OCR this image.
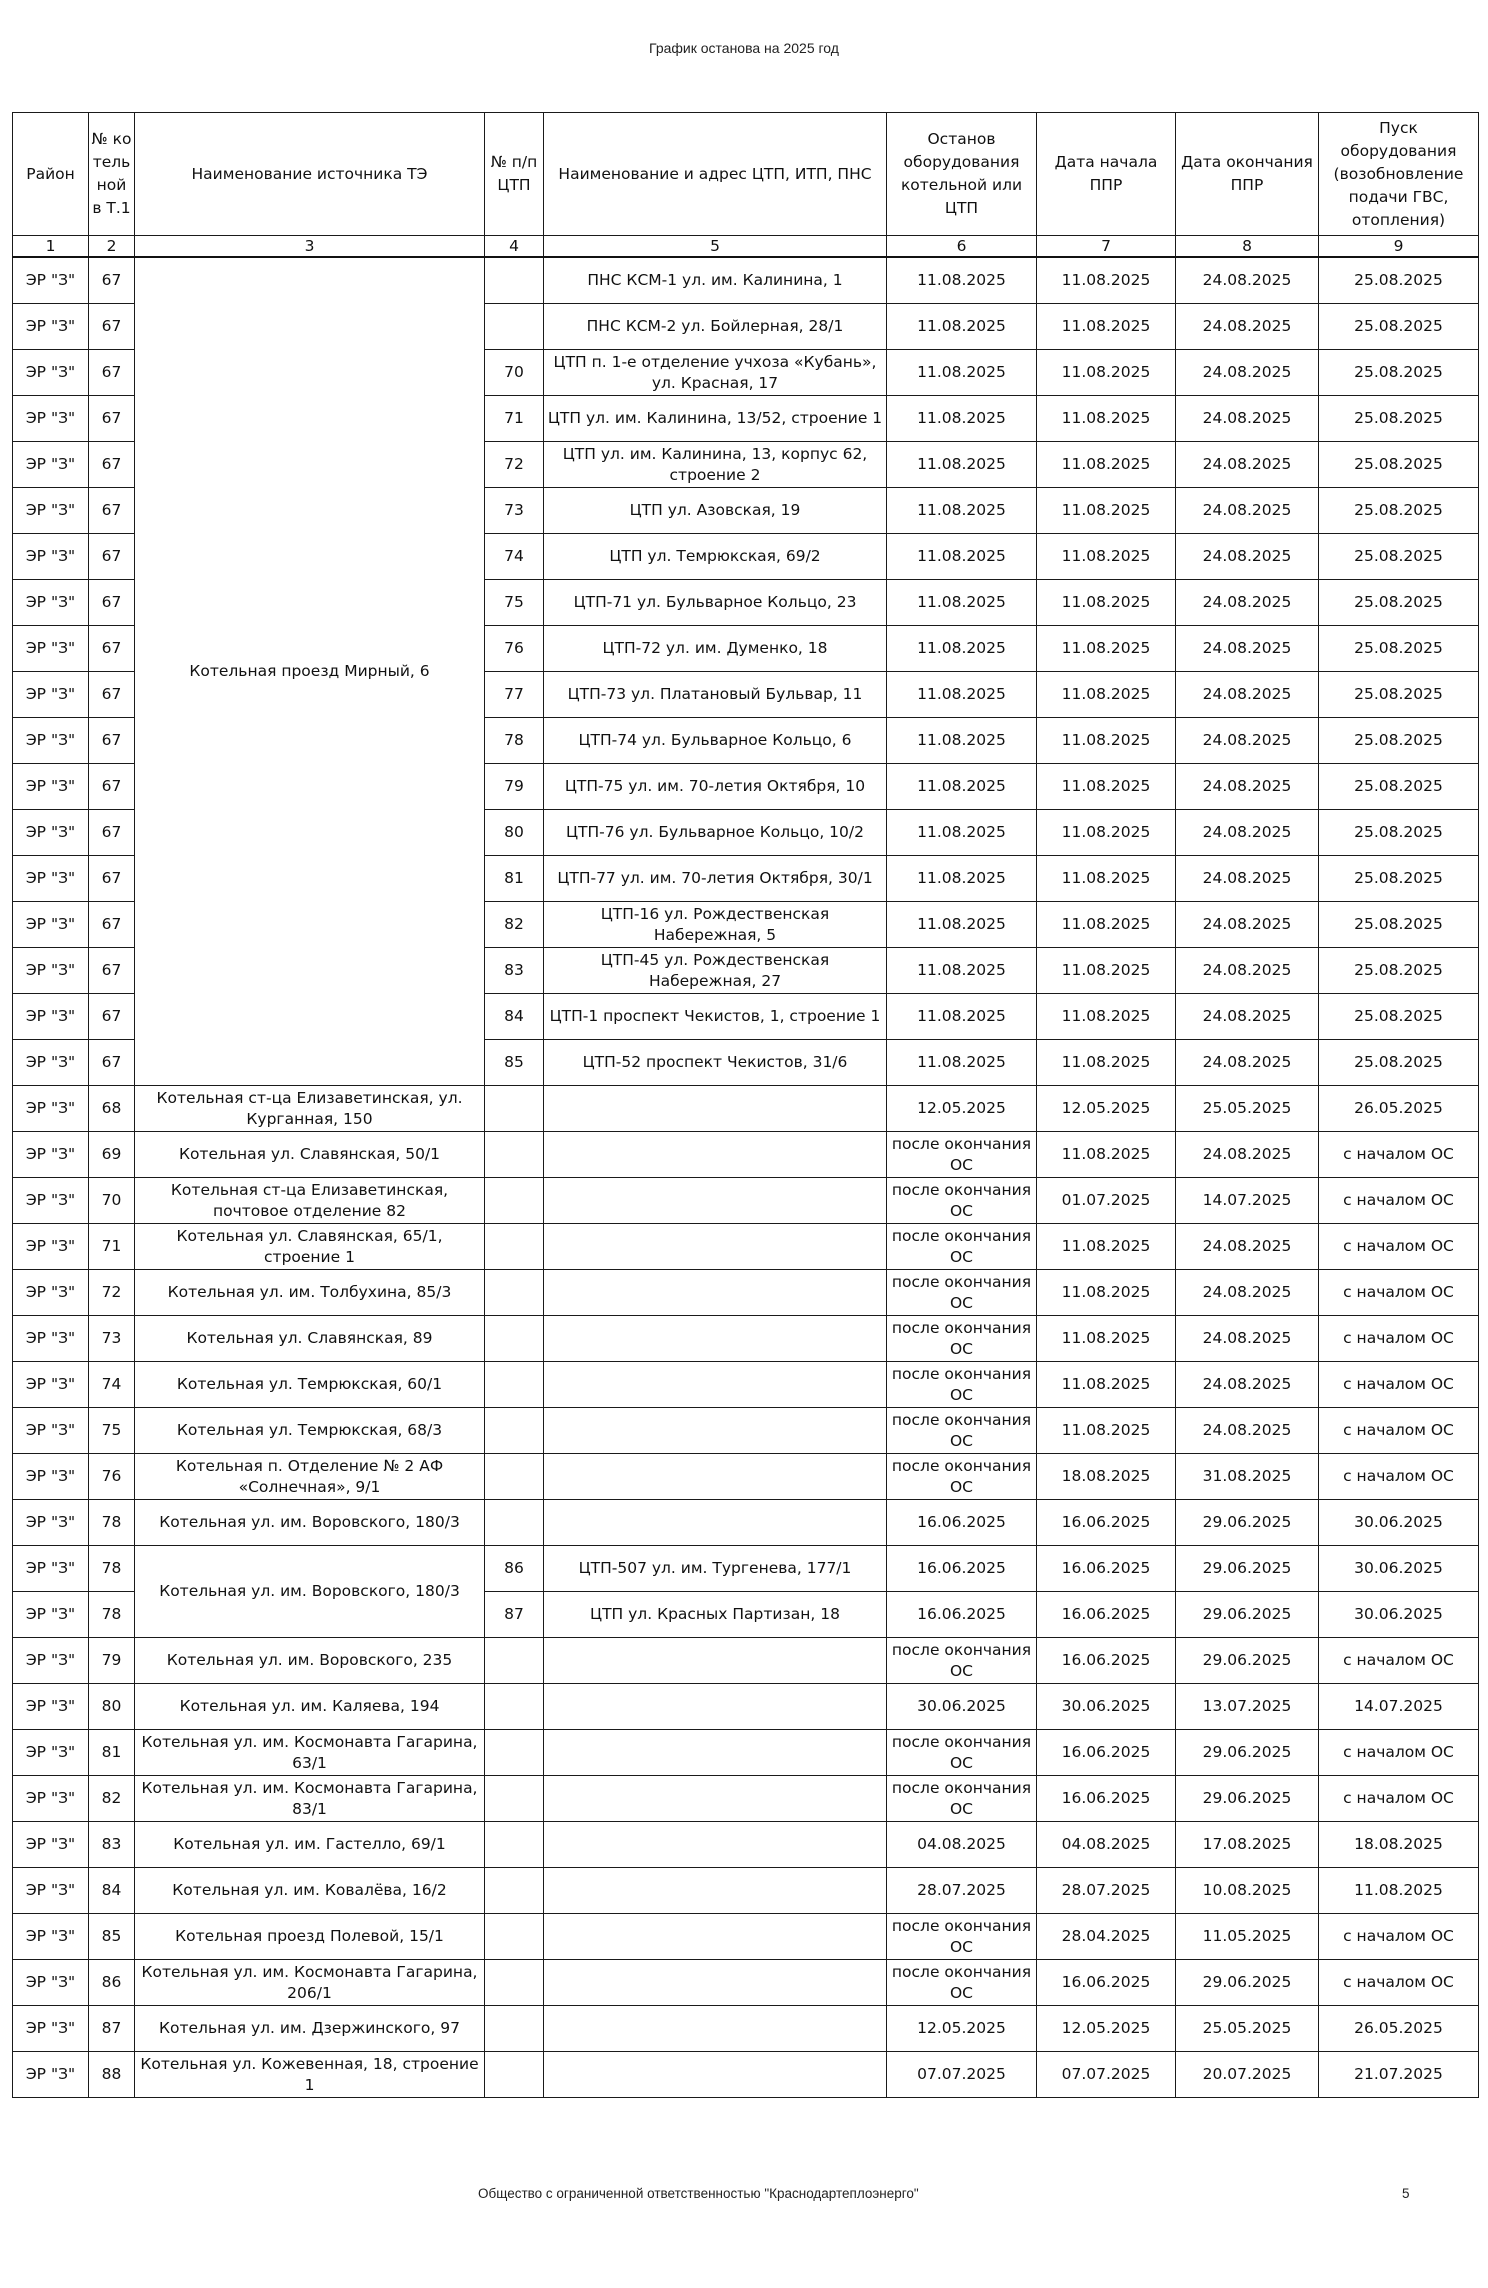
График останова на 2025 год
Район	№ котельной в Т.1	Наименование источника ТЭ	№ п/п ЦТП	Наименование и адрес ЦТП, ИТП, ПНС	Останов оборудования котельной или ЦТП	Дата начала ППР	Дата окончания ППР	Пуск оборудования (возобновление подачи ГВС, отопления)
1	2	3	4	5	6	7	8	9
ЭР "З"	67	Котельная проезд Мирный, 6		ПНС КСМ-1 ул. им. Калинина, 1	11.08.2025	11.08.2025	24.08.2025	25.08.2025
ЭР "З"	67			ПНС КСМ-2 ул. Бойлерная, 28/1	11.08.2025	11.08.2025	24.08.2025	25.08.2025
ЭР "З"	67		70	ЦТП п. 1-е отделение учхоза «Кубань», ул. Красная, 17	11.08.2025	11.08.2025	24.08.2025	25.08.2025
ЭР "З"	67		71	ЦТП ул. им. Калинина, 13/52, строение 1	11.08.2025	11.08.2025	24.08.2025	25.08.2025
ЭР "З"	67		72	ЦТП ул. им. Калинина, 13, корпус 62, строение 2	11.08.2025	11.08.2025	24.08.2025	25.08.2025
ЭР "З"	67		73	ЦТП ул. Азовская, 19	11.08.2025	11.08.2025	24.08.2025	25.08.2025
ЭР "З"	67		74	ЦТП ул. Темрюкская, 69/2	11.08.2025	11.08.2025	24.08.2025	25.08.2025
ЭР "З"	67		75	ЦТП-71 ул. Бульварное Кольцо, 23	11.08.2025	11.08.2025	24.08.2025	25.08.2025
ЭР "З"	67		76	ЦТП-72 ул. им. Думенко, 18	11.08.2025	11.08.2025	24.08.2025	25.08.2025
ЭР "З"	67		77	ЦТП-73 ул. Платановый Бульвар, 11	11.08.2025	11.08.2025	24.08.2025	25.08.2025
ЭР "З"	67		78	ЦТП-74 ул. Бульварное Кольцо, 6	11.08.2025	11.08.2025	24.08.2025	25.08.2025
ЭР "З"	67		79	ЦТП-75 ул. им. 70-летия Октября, 10	11.08.2025	11.08.2025	24.08.2025	25.08.2025
ЭР "З"	67		80	ЦТП-76 ул. Бульварное Кольцо, 10/2	11.08.2025	11.08.2025	24.08.2025	25.08.2025
ЭР "З"	67		81	ЦТП-77 ул. им. 70-летия Октября, 30/1	11.08.2025	11.08.2025	24.08.2025	25.08.2025
ЭР "З"	67		82	ЦТП-16 ул. Рождественская Набережная, 5	11.08.2025	11.08.2025	24.08.2025	25.08.2025
ЭР "З"	67		83	ЦТП-45 ул. Рождественская Набережная, 27	11.08.2025	11.08.2025	24.08.2025	25.08.2025
ЭР "З"	67		84	ЦТП-1 проспект Чекистов, 1, строение 1	11.08.2025	11.08.2025	24.08.2025	25.08.2025
ЭР "З"	67		85	ЦТП-52 проспект Чекистов, 31/6	11.08.2025	11.08.2025	24.08.2025	25.08.2025
ЭР "З"	68	Котельная ст-ца Елизаветинская, ул. Курганная, 150			12.05.2025	12.05.2025	25.05.2025	26.05.2025
ЭР "З"	69	Котельная ул. Славянская, 50/1			после окончания ОС	11.08.2025	24.08.2025	с началом ОС
ЭР "З"	70	Котельная ст-ца Елизаветинская, почтовое отделение 82			после окончания ОС	01.07.2025	14.07.2025	с началом ОС
ЭР "З"	71	Котельная ул. Славянская, 65/1, строение 1			после окончания ОС	11.08.2025	24.08.2025	с началом ОС
ЭР "З"	72	Котельная ул. им. Толбухина, 85/3			после окончания ОС	11.08.2025	24.08.2025	с началом ОС
ЭР "З"	73	Котельная ул. Славянская, 89			после окончания ОС	11.08.2025	24.08.2025	с началом ОС
ЭР "З"	74	Котельная ул. Темрюкская, 60/1			после окончания ОС	11.08.2025	24.08.2025	с началом ОС
ЭР "З"	75	Котельная ул. Темрюкская, 68/3			после окончания ОС	11.08.2025	24.08.2025	с началом ОС
ЭР "З"	76	Котельная п. Отделение № 2 АФ «Солнечная», 9/1			после окончания ОС	18.08.2025	31.08.2025	с началом ОС
ЭР "З"	78	Котельная ул. им. Воровского, 180/3			16.06.2025	16.06.2025	29.06.2025	30.06.2025
ЭР "З"	78	Котельная ул. им. Воровского, 180/3	86	ЦТП-507 ул. им. Тургенева, 177/1	16.06.2025	16.06.2025	29.06.2025	30.06.2025
ЭР "З"	78		87	ЦТП ул. Красных Партизан, 18	16.06.2025	16.06.2025	29.06.2025	30.06.2025
ЭР "З"	79	Котельная ул. им. Воровского, 235			после окончания ОС	16.06.2025	29.06.2025	с началом ОС
ЭР "З"	80	Котельная ул. им. Каляева, 194			30.06.2025	30.06.2025	13.07.2025	14.07.2025
ЭР "З"	81	Котельная ул. им. Космонавта Гагарина, 63/1			после окончания ОС	16.06.2025	29.06.2025	с началом ОС
ЭР "З"	82	Котельная ул. им. Космонавта Гагарина, 83/1			после окончания ОС	16.06.2025	29.06.2025	с началом ОС
ЭР "З"	83	Котельная ул. им. Гастелло, 69/1			04.08.2025	04.08.2025	17.08.2025	18.08.2025
ЭР "З"	84	Котельная ул. им. Ковалёва, 16/2			28.07.2025	28.07.2025	10.08.2025	11.08.2025
ЭР "З"	85	Котельная проезд Полевой, 15/1			после окончания ОС	28.04.2025	11.05.2025	с началом ОС
ЭР "З"	86	Котельная ул. им. Космонавта Гагарина, 206/1			после окончания ОС	16.06.2025	29.06.2025	с началом ОС
ЭР "З"	87	Котельная ул. им. Дзержинского, 97			12.05.2025	12.05.2025	25.05.2025	26.05.2025
ЭР "З"	88	Котельная ул. Кожевенная, 18, строение 1			07.07.2025	07.07.2025	20.07.2025	21.07.2025
Общество с ограниченной ответственностью "Краснодартеплоэнерго"	5
